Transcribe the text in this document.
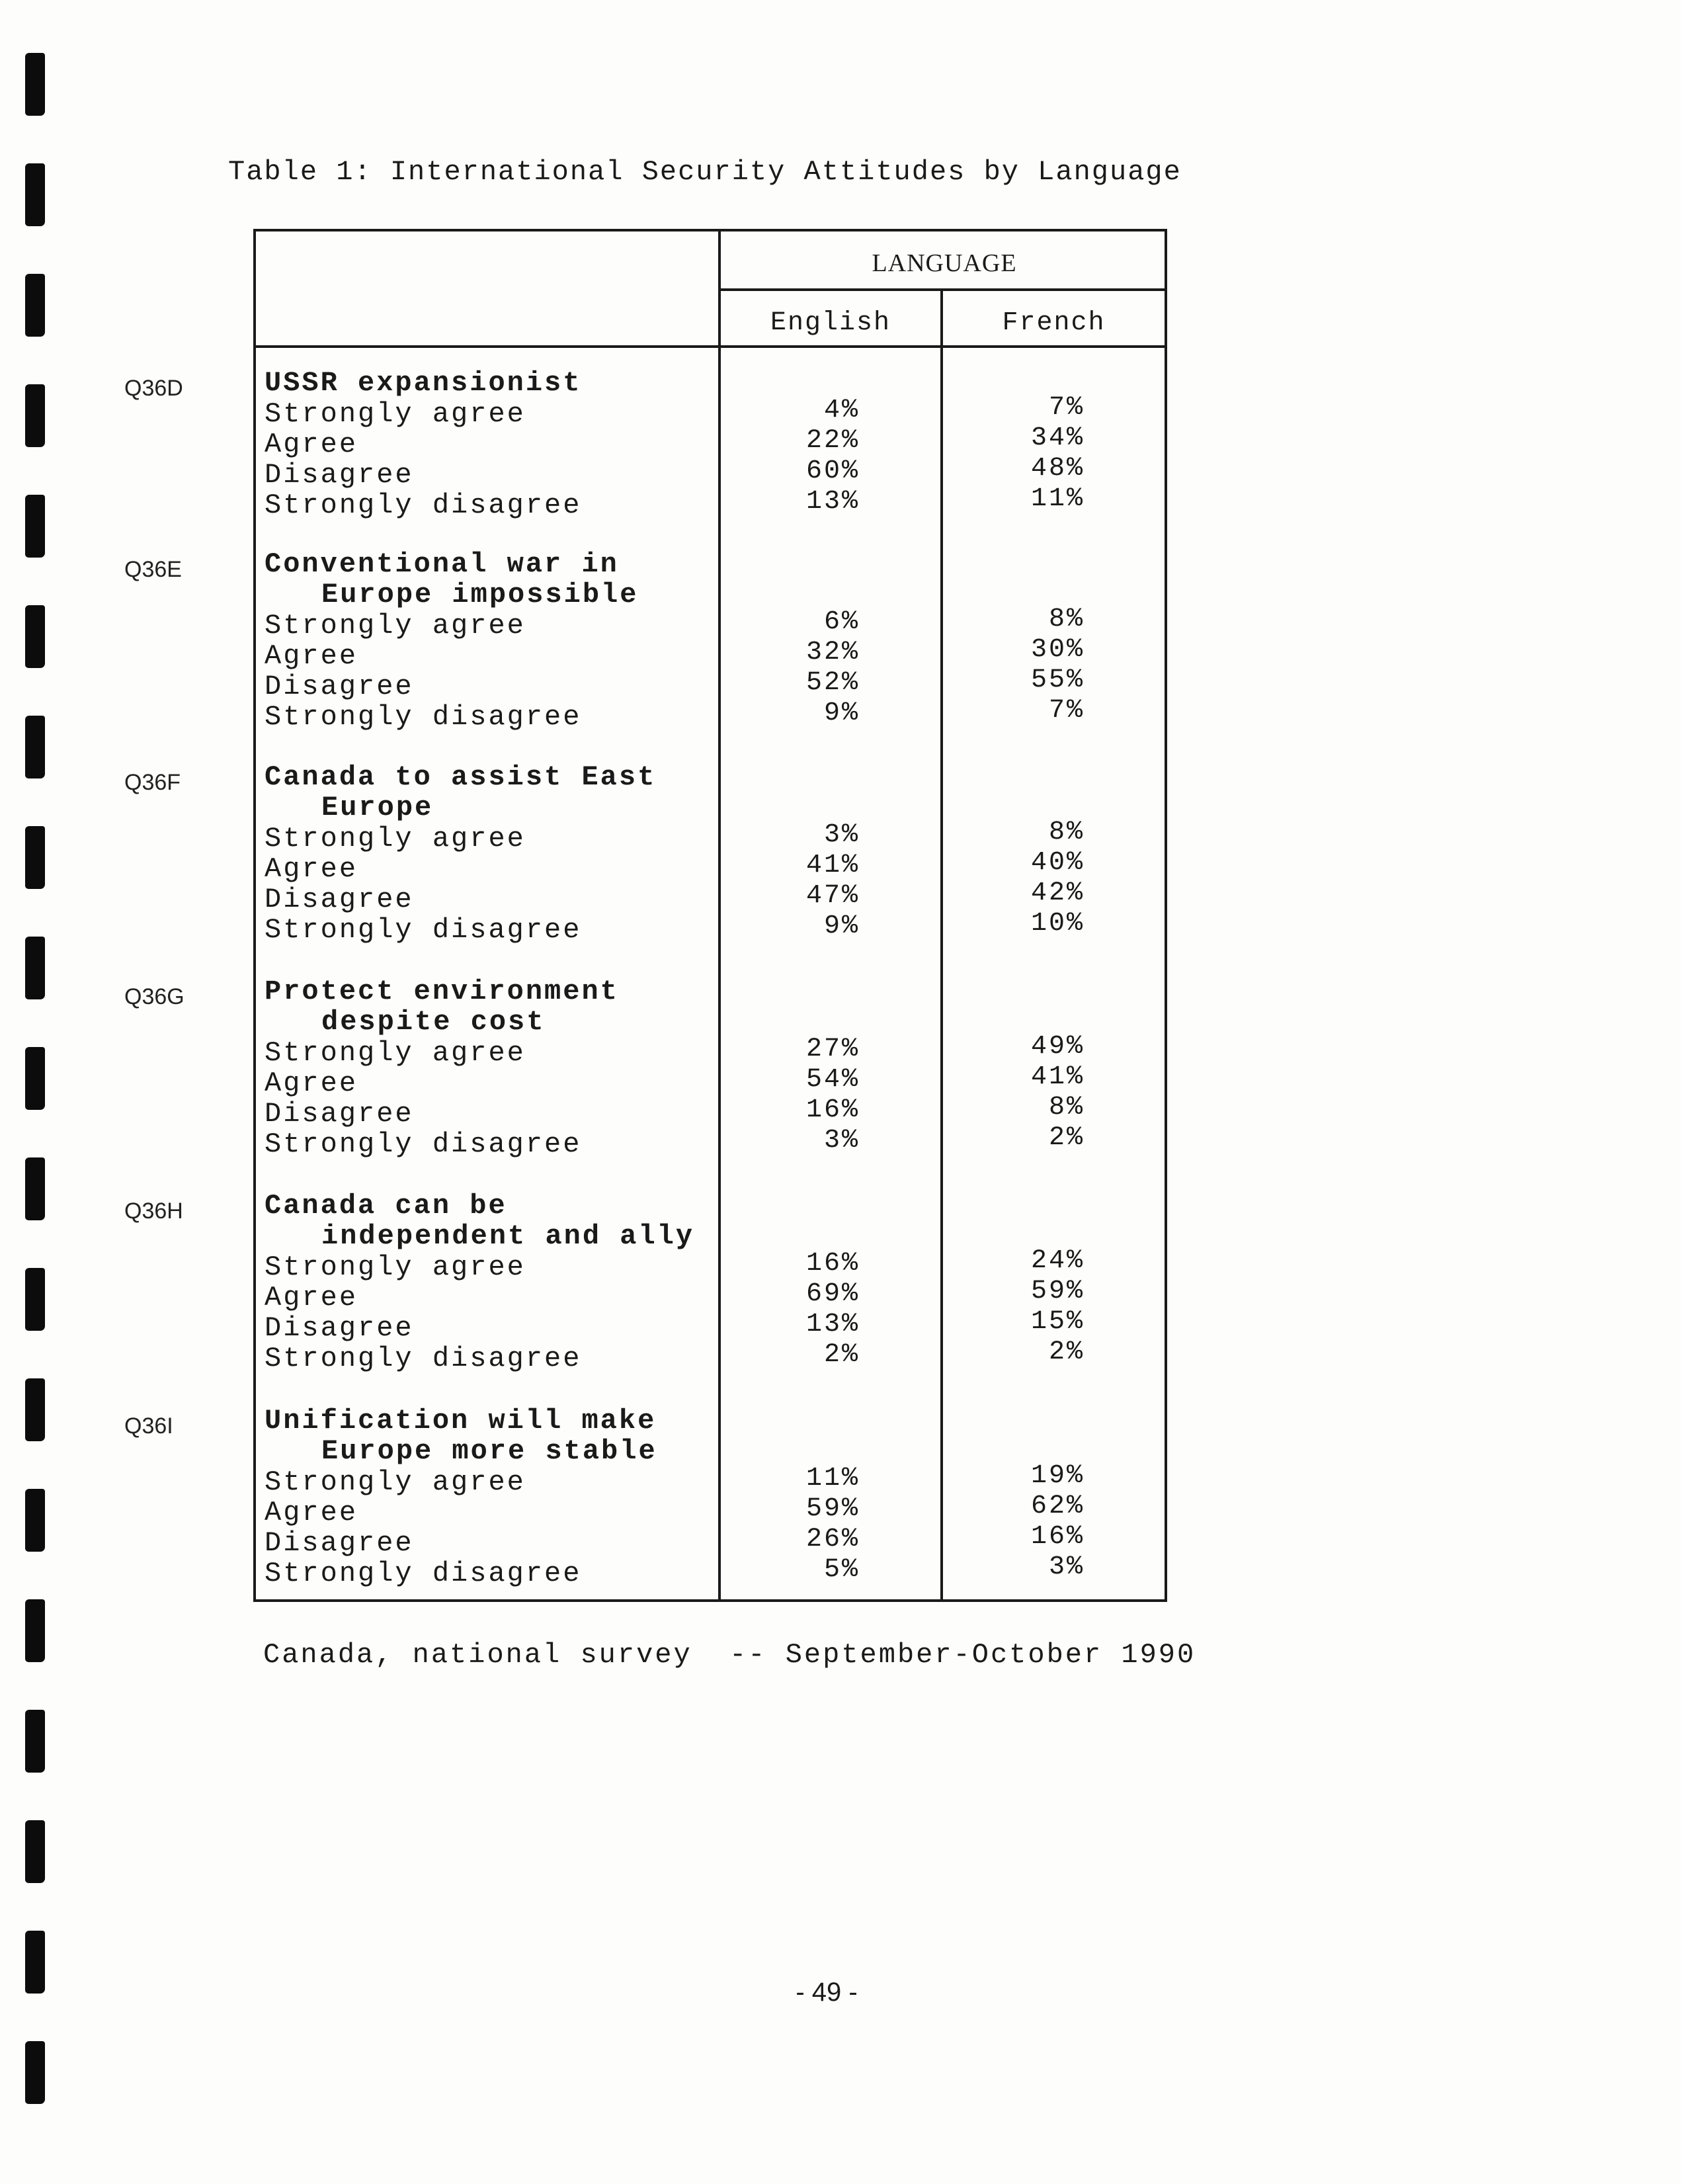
Table 1: International Security Attitudes by Language
LANGUAGE
English	French
Q36D	USSR expansionist
Strongly agree	4%	7%
Agree	22%	34%
Disagree	60%	48%
Strongly disagree	13%	11%
Q36E	Conventional war in
Europe impossible
Strongly agree	6%	8%
Agree	32%	30%
Disagree	52%	55%
Strongly disagree	9%	7%
Q36F	Canada to assist East
Europe
Strongly agree	3%	8%
Agree	41%	40%
Disagree	47%	42%
Strongly disagree	9%	10%
Q36G	Protect environment
despite cost
Strongly agree	27%	49%
Agree	54%	41%
Disagree	16%	8%
Strongly disagree	3%	2%
Q36H	Canada can be
independent and ally
Strongly agree	16%	24%
Agree	69%	59%
Disagree	13%	15%
Strongly disagree	2%	2%
Q36I	Unification will make
Europe more stable
Strongly agree	11%	19%
Agree	59%	62%
Disagree	26%	16%
Strongly disagree	5%	3%
Canada, national survey  -- September-October 1990
- 49 -
